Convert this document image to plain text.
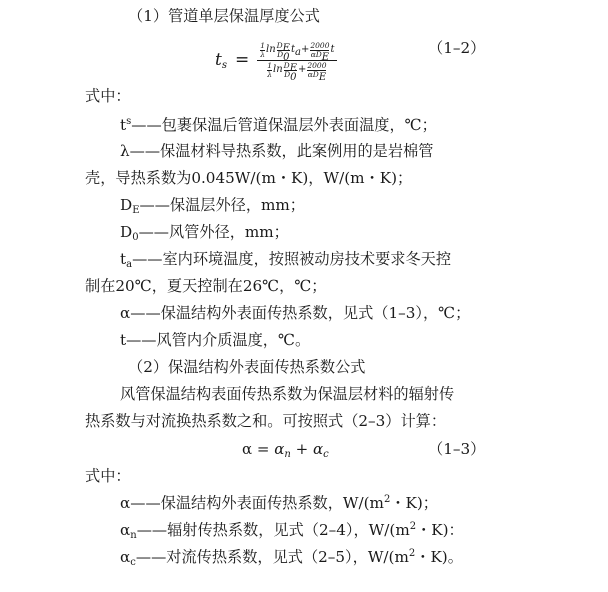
（1）管道单层保温厚度公式
$t_s$ =
1
λ $\ln D_E$
$D_0$
$t_a + 2000$
$\alpha D_E$
t
1
λ $\ln D_E$
$D_0$
+ 2000
$\alpha D_E$
（1–2）
式中：
$t^s——$包裹保温后管道保温层外表面温度，℃；
λ——保温材料导热系数，此案例用的是岩棉管
壳，导热系数为0.045W/(m・K)，W/(m・K)；
$D_E——$保温层外径，mm；
$D_0——$风管外径，mm；
$t_a——$室内环境温度，按照被动房技术要求冬天控
制在20℃，夏天控制在26℃，℃；
α——保温结构外表面传热系数，见式（1–3），℃；
t——风管内介质温度，℃。
（2）保温结构外表面传热系数公式
风管保温结构表面传热系数为保温层材料的辐射传
热系数与对流换热系数之和。可按照式（2–3）计算：
$\alpha = \alpha_n + \alpha_c$	（1–3）
式中：
α——保温结构外表面传热系数，$W/(m^2$・K)；
$\alpha_n——$辐射传热系数，见式（2–4），$W/(m^2$・K)：
$\alpha_c——$对流传热系数，见式（2–5），$W/(m^2$・K)。
